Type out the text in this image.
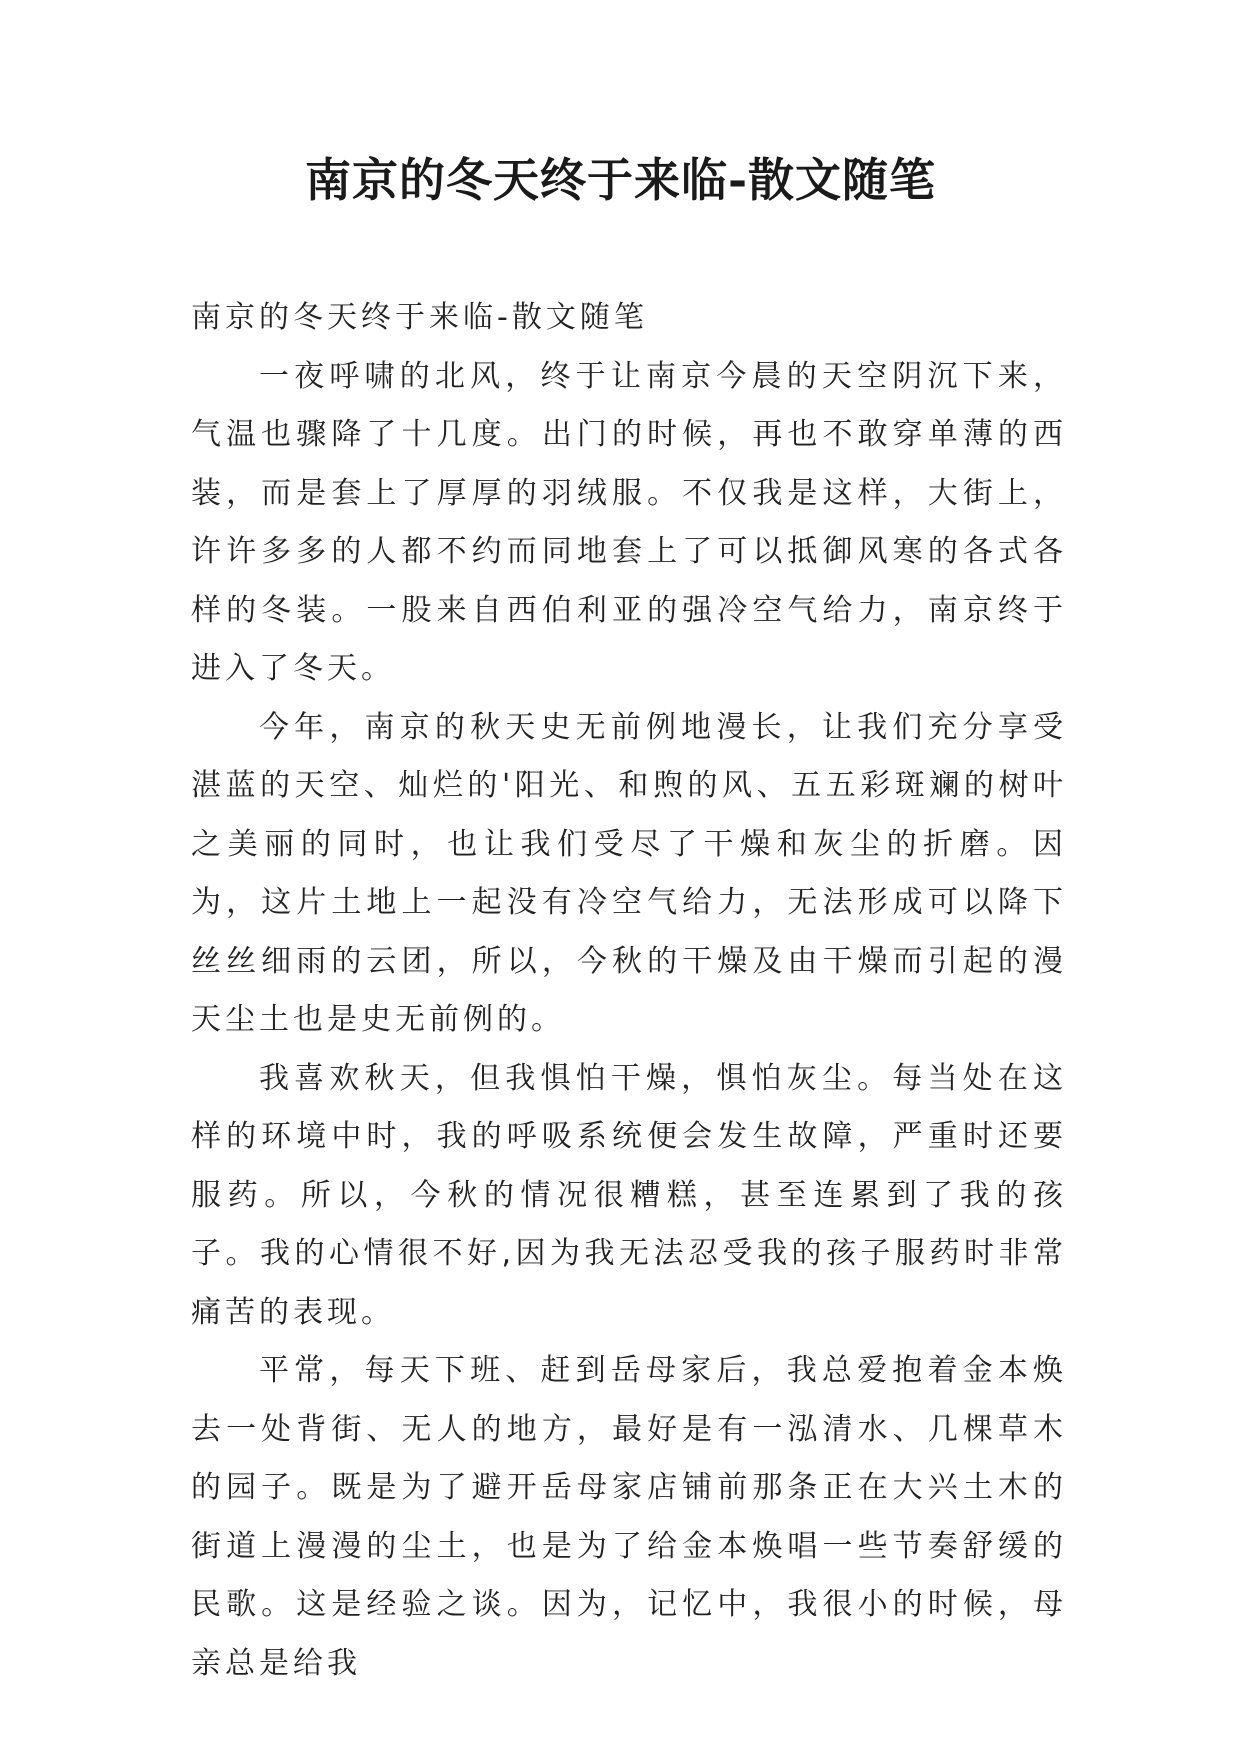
南京的冬天终于来临-散文随笔

南京的冬天终于来临-散文随笔

一夜呼啸的北风，终于让南京今晨的天空阴沉下来，气温也骤降了十几度。出门的时候，再也不敢穿单薄的西装，而是套上了厚厚的羽绒服。不仅我是这样，大街上，许许多多的人都不约而同地套上了可以抵御风寒的各式各样的冬装。一股来自西伯利亚的强冷空气给力，南京终于进入了冬天。

今年，南京的秋天史无前例地漫长，让我们充分享受湛蓝的天空、灿烂的'阳光、和煦的风、五五彩斑斓的树叶之美丽的同时，也让我们受尽了干燥和灰尘的折磨。因为，这片土地上一起没有冷空气给力，无法形成可以降下丝丝细雨的云团，所以，今秋的干燥及由干燥而引起的漫天尘土也是史无前例的。

我喜欢秋天，但我惧怕干燥，惧怕灰尘。每当处在这样的环境中时，我的呼吸系统便会发生故障，严重时还要服药。所以，今秋的情况很糟糕，甚至连累到了我的孩子。我的心情很不好,因为我无法忍受我的孩子服药时非常痛苦的表现。

平常，每天下班、赶到岳母家后，我总爱抱着金本焕去一处背街、无人的地方，最好是有一泓清水、几棵草木的园子。既是为了避开岳母家店铺前那条正在大兴土木的街道上漫漫的尘土，也是为了给金本焕唱一些节奏舒缓的民歌。这是经验之谈。因为，记忆中，我很小的时候，母亲总是给我
